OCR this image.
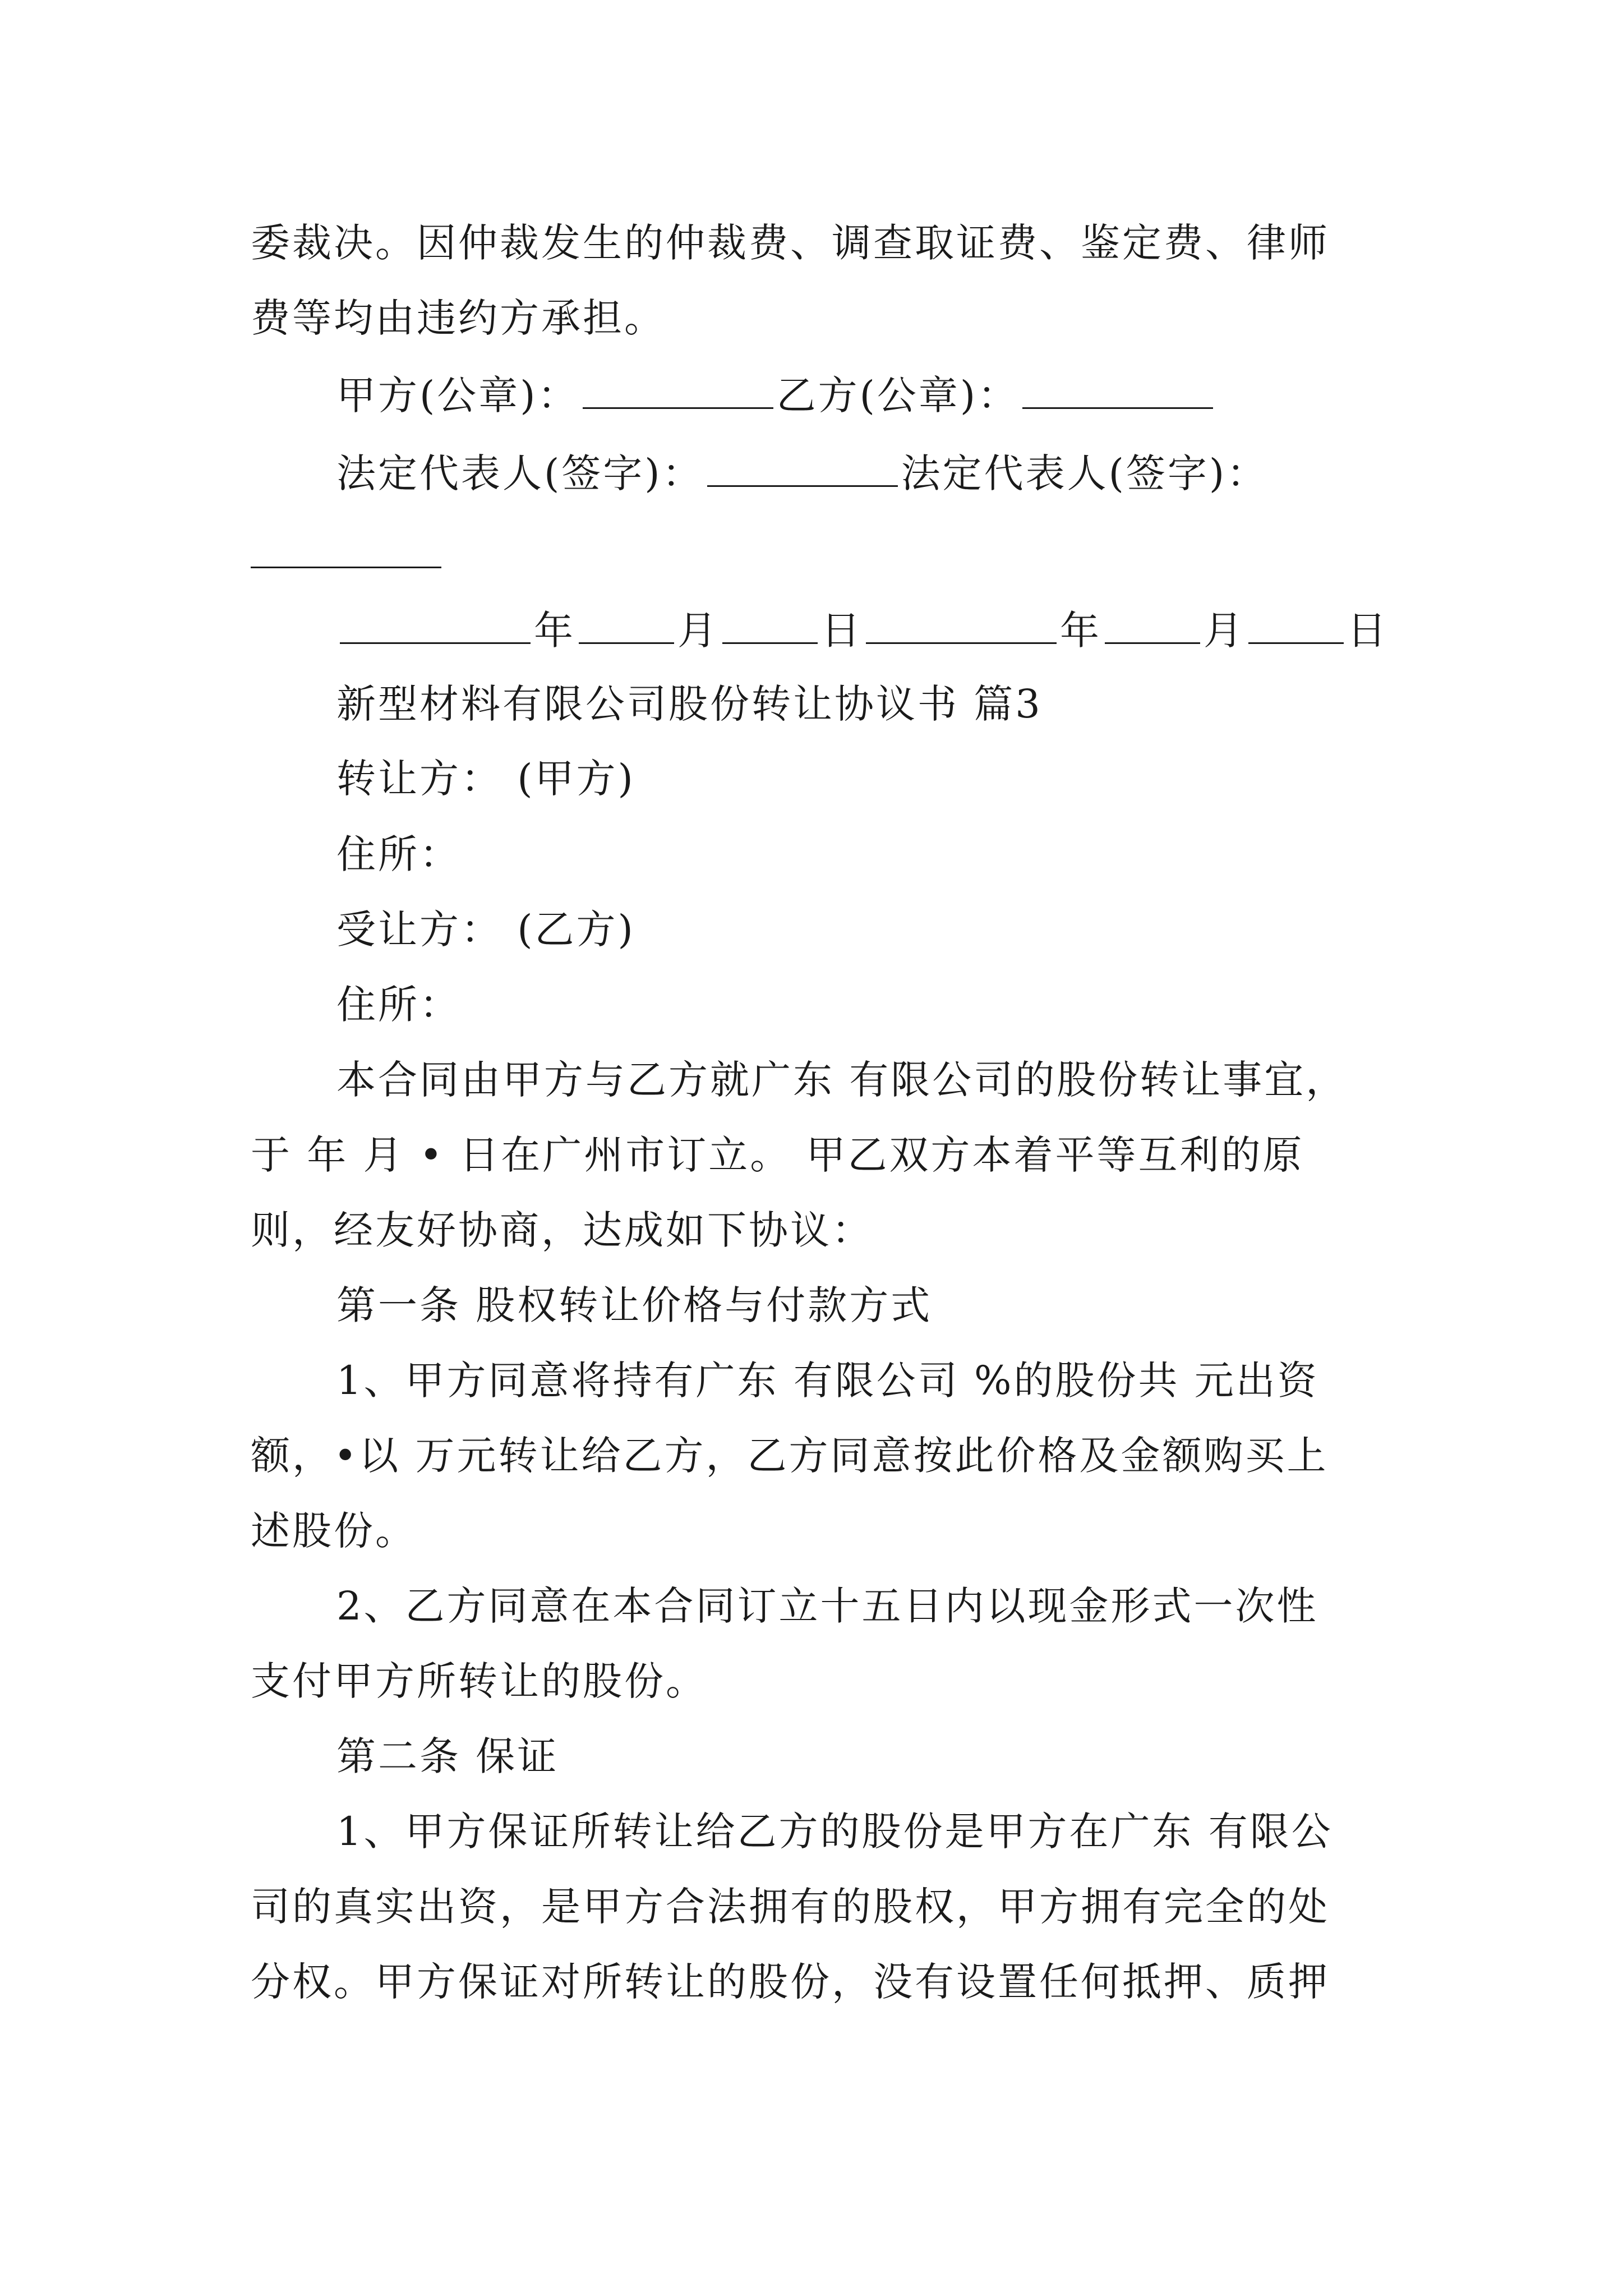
委裁决。因仲裁发生的仲裁费、调查取证费、鉴定费、律师
费等均由违约方承担。
甲方(公章)：	乙方(公章)：
法定代表人(签字)：	法定代表人(签字)：
年	月	日	年	月	日
新型材料有限公司股份转让协议书 篇3
转让方： (甲方)
住所：
受让方： (乙方)
住所：
本合同由甲方与乙方就广东 有限公司的股份转让事宜，
于 年 月 • 日在广州市订立。 甲乙双方本着平等互利的原
则，经友好协商，达成如下协议：
第一条 股权转让价格与付款方式
1、甲方同意将持有广东 有限公司 %的股份共 元出资
额，•以 万元转让给乙方，乙方同意按此价格及金额购买上
述股份。
2、乙方同意在本合同订立十五日内以现金形式一次性
支付甲方所转让的股份。
第二条 保证
1、甲方保证所转让给乙方的股份是甲方在广东 有限公
司的真实出资，是甲方合法拥有的股权，甲方拥有完全的处
分权。甲方保证对所转让的股份，没有设置任何抵押、质押
